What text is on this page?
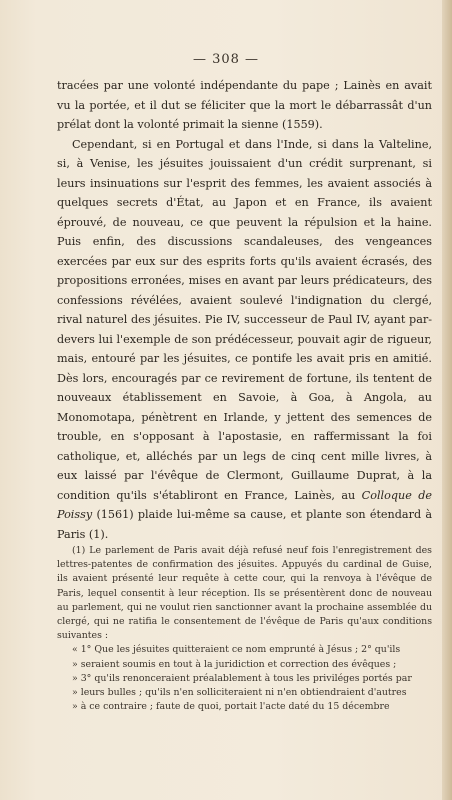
— 308 —

tracées par une volonté indépendante du pape ; Lainès en avait vu la portée, et il dut se féliciter que la mort le débarrassât d'un prélat dont la volonté primait la sienne (1559).

Cependant, si en Portugal et dans l'Inde, si dans la Valteline, si, à Venise, les jésuites jouissaient d'un crédit surprenant, si leurs insinuations sur l'esprit des femmes, les avaient associés à quelques secrets d'État, au Japon et en France, ils avaient éprouvé, de nouveau, ce que peuvent la répulsion et la haine. Puis enfin, des discussions scandaleuses, des vengeances exercées par eux sur des esprits forts qu'ils avaient écrasés, des propositions erronées, mises en avant par leurs prédicateurs, des confessions révélées, avaient soulevé l'indignation du clergé, rival naturel des jésuites. Pie IV, successeur de Paul IV, ayant par-devers lui l'exemple de son prédécesseur, pouvait agir de rigueur, mais, entouré par les jésuites, ce pontife les avait pris en amitié. Dès lors, encouragés par ce revirement de fortune, ils tentent de nouveaux établissement en Savoie, à Goa, à Angola, au Monomotapa, pénètrent en Irlande, y jettent des semences de trouble, en s'opposant à l'apostasie, en raffermissant la foi catholique, et, alléchés par un legs de cinq cent mille livres, à eux laissé par l'évêque de Clermont, Guillaume Duprat, à la condition qu'ils s'établiront en France, Lainès, au Colloque de Poissy (1561) plaide lui-même sa cause, et plante son étendard à Paris (1).

(1) Le parlement de Paris avait déjà refusé neuf fois l'enregistrement des lettres-patentes de confirmation des jésuites. Appuyés du cardinal de Guise, ils avaient présenté leur requête à cette cour, qui la renvoya à l'évêque de Paris, lequel consentit à leur réception. Ils se présentèrent donc de nouveau au parlement, qui ne voulut rien sanctionner avant la prochaine assemblée du clergé, qui ne ratifia le consentement de l'évêque de Paris qu'aux conditions suivantes :

« 1° Que les jésuites quitteraient ce nom emprunté à Jésus ; 2° qu'ils

» seraient soumis en tout à la juridiction et correction des évêques ;

» 3° qu'ils renonceraient préalablement à tous les priviléges portés par

» leurs bulles ; qu'ils n'en solliciteraient ni n'en obtiendraient d'autres

» à ce contraire ; faute de quoi, portait l'acte daté du 15 décembre
